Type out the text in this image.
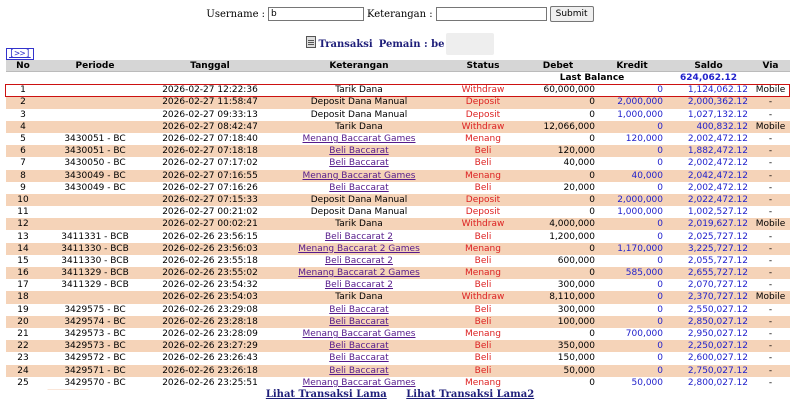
Username :
b	Keterangan :	Submit
Transaksi Pemain : be
[>>]
No	Periode	Tanggal	Keterangan	Status	Debet	Kredit	Saldo	Via
					Last Balance		624,062.12	
1		2026-02-27 12:22:36	Tarik Dana	Withdraw	60,000,000	0	1,124,062.12	Mobile
2		2026-02-27 11:58:47	Deposit Dana Manual	Deposit	0	2,000,000	2,000,362.12	-
3		2026-02-27 09:33:13	Deposit Dana Manual	Deposit	0	1,000,000	1,027,132.12	-
4		2026-02-27 08:42:47	Tarik Dana	Withdraw	12,066,000	0	400,832.12	Mobile
5	3430051 - BC	2026-02-27 07:18:40	Menang Baccarat Games	Menang	0	120,000	2,002,472.12	-
6	3430051 - BC	2026-02-27 07:18:18	Beli Baccarat	Beli	120,000	0	1,882,472.12	-
7	3430050 - BC	2026-02-27 07:17:02	Beli Baccarat	Beli	40,000	0	2,002,472.12	-
8	3430049 - BC	2026-02-27 07:16:55	Menang Baccarat Games	Menang	0	40,000	2,042,472.12	-
9	3430049 - BC	2026-02-27 07:16:26	Beli Baccarat	Beli	20,000	0	2,002,472.12	-
10		2026-02-27 07:15:33	Deposit Dana Manual	Deposit	0	2,000,000	2,022,472.12	-
11		2026-02-27 00:21:02	Deposit Dana Manual	Deposit	0	1,000,000	1,002,527.12	-
12		2026-02-27 00:02:21	Tarik Dana	Withdraw	4,000,000	0	2,019,627.12	Mobile
13	3411331 - BCB	2026-02-26 23:56:15	Beli Baccarat 2	Beli	1,200,000	0	2,025,727.12	-
14	3411330 - BCB	2026-02-26 23:56:03	Menang Baccarat 2 Games	Menang	0	1,170,000	3,225,727.12	-
15	3411330 - BCB	2026-02-26 23:55:18	Beli Baccarat 2	Beli	600,000	0	2,055,727.12	-
16	3411329 - BCB	2026-02-26 23:55:02	Menang Baccarat 2 Games	Menang	0	585,000	2,655,727.12	-
17	3411329 - BCB	2026-02-26 23:54:32	Beli Baccarat 2	Beli	300,000	0	2,070,727.12	-
18		2026-02-26 23:54:03	Tarik Dana	Withdraw	8,110,000	0	2,370,727.12	Mobile
19	3429575 - BC	2026-02-26 23:29:08	Beli Baccarat	Beli	300,000	0	2,550,027.12	-
20	3429574 - BC	2026-02-26 23:28:18	Beli Baccarat	Beli	100,000	0	2,850,027.12	-
21	3429573 - BC	2026-02-26 23:28:09	Menang Baccarat Games	Menang	0	700,000	2,950,027.12	-
22	3429573 - BC	2026-02-26 23:27:29	Beli Baccarat	Beli	350,000	0	2,250,027.12	-
23	3429572 - BC	2026-02-26 23:26:43	Beli Baccarat	Beli	150,000	0	2,600,027.12	-
24	3429571 - BC	2026-02-26 23:26:18	Beli Baccarat	Beli	50,000	0	2,750,027.12	-
25	3429570 - BC	2026-02-26 23:25:51	Menang Baccarat Games	Menang	0	50,000	2,800,027.12	-
Lihat Transaksi Lama Lihat Transaksi Lama2
